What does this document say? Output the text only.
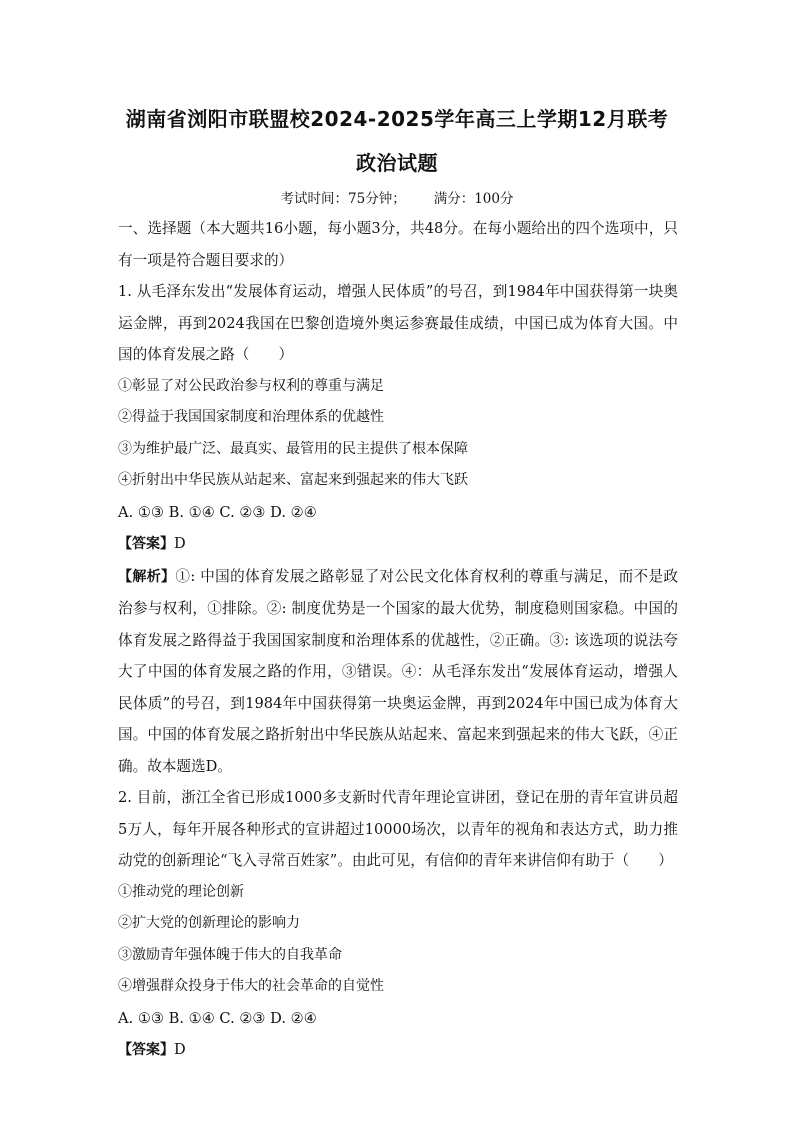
湖南省浏阳市联盟校2024-2025学年高三上学期12月联考
政治试题
考试时间：75分钟； 满分：100分

一、选择题（本大题共16小题，每小题3分，共48分。在每小题给出的四个选项中，只有一项是符合题目要求的）

1. 从毛泽东发出“发展体育运动，增强人民体质”的号召，到1984年中国获得第一块奥运金牌，再到2024我国在巴黎创造境外奥运参赛最佳成绩，中国已成为体育大国。中国的体育发展之路（　　）

①彰显了对公民政治参与权利的尊重与满足

②得益于我国国家制度和治理体系的优越性

③为维护最广泛、最真实、最管用的民主提供了根本保障

④折射出中华民族从站起来、富起来到强起来的伟大飞跃

A. ①③ B. ①④ C. ②③ D. ②④

【答案】D

【解析】①: 中国的体育发展之路彰显了对公民文化体育权利的尊重与满足，而不是政治参与权利，①排除。②: 制度优势是一个国家的最大优势，制度稳则国家稳。中国的体育发展之路得益于我国国家制度和治理体系的优越性，②正确。③: 该选项的说法夸大了中国的体育发展之路的作用，③错误。④：从毛泽东发出“发展体育运动，增强人民体质”的号召，到1984年中国获得第一块奥运金牌，再到2024年中国已成为体育大国。中国的体育发展之路折射出中华民族从站起来、富起来到强起来的伟大飞跃，④正确。故本题选D。

2. 目前，浙江全省已形成1000多支新时代青年理论宣讲团，登记在册的青年宣讲员超5万人，每年开展各种形式的宣讲超过10000场次，以青年的视角和表达方式，助力推动党的创新理论“飞入寻常百姓家”。由此可见，有信仰的青年来讲信仰有助于（　　）

①推动党的理论创新

②扩大党的创新理论的影响力

③激励青年强体魄于伟大的自我革命

④增强群众投身于伟大的社会革命的自觉性

A. ①③ B. ①④ C. ②③ D. ②④

【答案】D
